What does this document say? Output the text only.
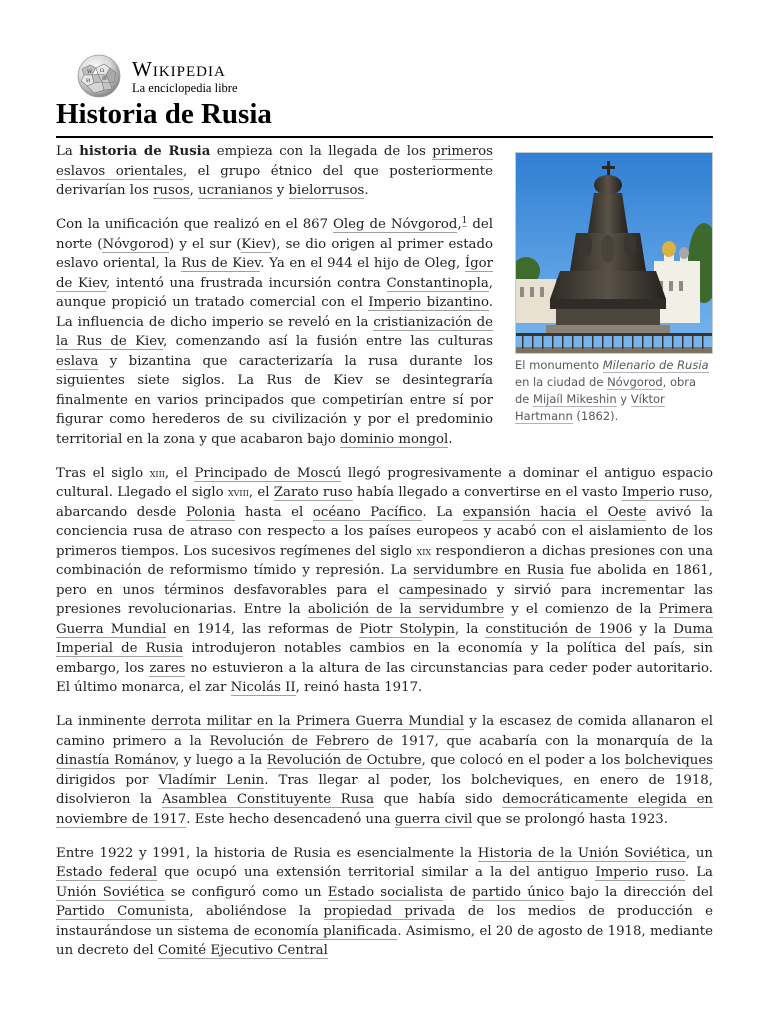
W Ω
И 維 Wikipedia
La enciclopedia libre
Historia de Rusia
El monumento Milenario de Rusia en la ciudad de Nóvgorod, obra de Mijaíl Mikeshin y Víktor Hartmann (1862).

La historia de Rusia empieza con la llegada de los primeros eslavos orientales, el grupo étnico del que posteriormente derivarían los rusos, ucranianos y bielorrusos.

Con la unificación que realizó en el 867 Oleg de Nóvgorod,$^1$ del norte (Nóvgorod) y el sur (Kiev), se dio origen al primer estado eslavo oriental, la Rus de Kiev. Ya en el 944 el hijo de Oleg, Ígor de Kiev, intentó una frustrada incursión contra Constantinopla, aunque propició un tratado comercial con el Imperio bizantino. La influencia de dicho imperio se reveló en la cristianización de la Rus de Kiev, comenzando así la fusión entre las culturas eslava y bizantina que caracterizaría la rusa durante los siguientes siete siglos. La Rus de Kiev se desintegraría finalmente en varios principados que competirían entre sí por figurar como herederos de su civilización y por el predominio territorial en la zona y que acabaron bajo dominio mongol.

Tras el siglo xiii, el Principado de Moscú llegó progresivamente a dominar el antiguo espacio cultural. Llegado el siglo xviii, el Zarato ruso había llegado a convertirse en el vasto Imperio ruso, abarcando desde Polonia hasta el océano Pacífico. La expansión hacia el Oeste avivó la conciencia rusa de atraso con respecto a los países europeos y acabó con el aislamiento de los primeros tiempos. Los sucesivos regímenes del siglo xix respondieron a dichas presiones con una combinación de reformismo tímido y represión. La servidumbre en Rusia fue abolida en 1861, pero en unos términos desfavorables para el campesinado y sirvió para incrementar las presiones revolucionarias. Entre la abolición de la servidumbre y el comienzo de la Primera Guerra Mundial en 1914, las reformas de Piotr Stolypin, la constitución de 1906 y la Duma Imperial de Rusia introdujeron notables cambios en la economía y la política del país, sin embargo, los zares no estuvieron a la altura de las circunstancias para ceder poder autoritario. El último monarca, el zar Nicolás II, reinó hasta 1917.

La inminente derrota militar en la Primera Guerra Mundial y la escasez de comida allanaron el camino primero a la Revolución de Febrero de 1917, que acabaría con la monarquía de la dinastía Románov, y luego a la Revolución de Octubre, que colocó en el poder a los bolcheviques dirigidos por Vladímir Lenin. Tras llegar al poder, los bolcheviques, en enero de 1918, disolvieron la Asamblea Constituyente Rusa que había sido democráticamente elegida en noviembre de 1917. Este hecho desencadenó una guerra civil que se prolongó hasta 1923.

Entre 1922 y 1991, la historia de Rusia es esencialmente la Historia de la Unión Soviética, un Estado federal que ocupó una extensión territorial similar a la del antiguo Imperio ruso. La Unión Soviética se configuró como un Estado socialista de partido único bajo la dirección del Partido Comunista, aboliéndose la propiedad privada de los medios de producción e instaurándose un sistema de economía planificada. Asimismo, el 20 de agosto de 1918, mediante un decreto del Comité Ejecutivo Central
